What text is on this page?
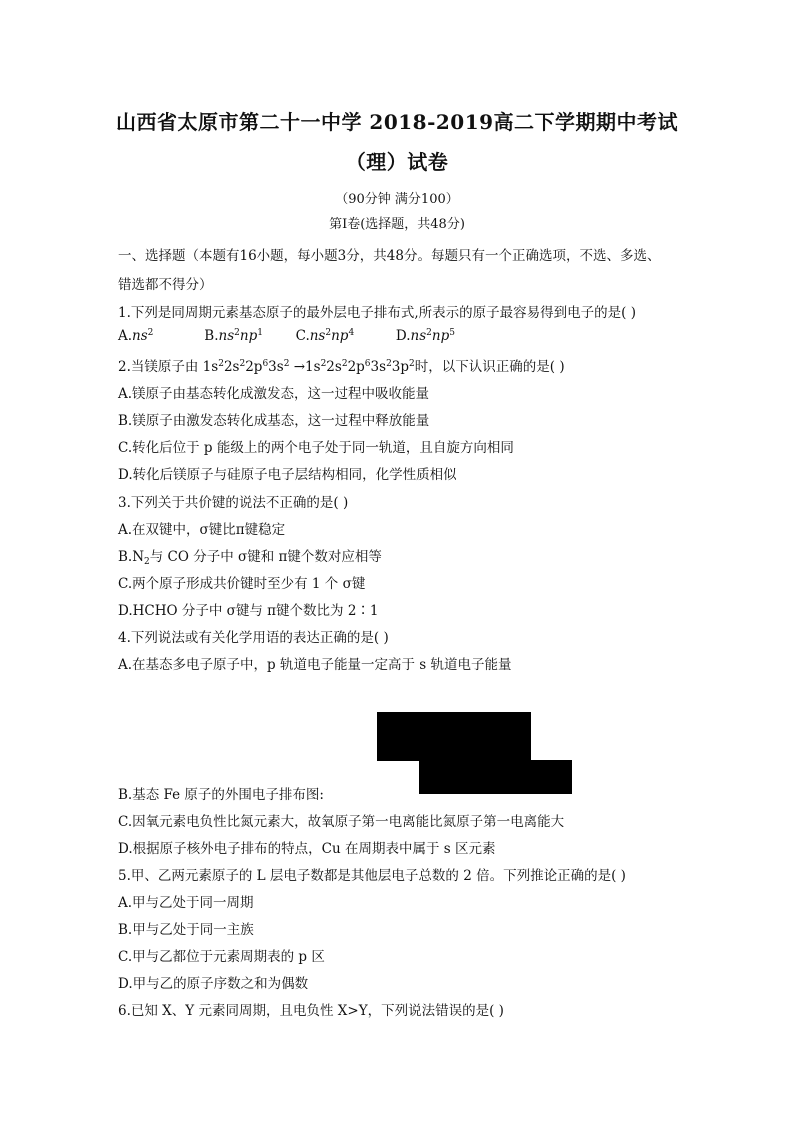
山西省太原市第二十一中学 2018-2019高二下学期期中考试
（理）试卷
（90分钟 满分100）
第Ⅰ卷(选择题，共48分)
一、选择题（本题有16小题，每小题3分，共48分。每题只有一个正确选项，不选、多选、
错选都不得分）
1.下列是同周期元素基态原子的最外层电子排布式,所表示的原子最容易得到电子的是( )
$A.ns^2$	$B.ns^2np^1$ $C.ns^2np^4$	$D.ns^2np^5$
2.当镁原子由 $1s^22s^22p^63s^2 \to 1s^22s^22p^63s^23p^2$时，以下认识正确的是( )
A.镁原子由基态转化成激发态，这一过程中吸收能量
B.镁原子由激发态转化成基态，这一过程中释放能量
C.转化后位于 p 能级上的两个电子处于同一轨道，且自旋方向相同
D.转化后镁原子与硅原子电子层结构相同，化学性质相似
3.下列关于共价键的说法不正确的是( )
A.在双键中，σ键比π键稳定
$B.N_2$与 CO 分子中 σ键和 π键个数对应相等
C.两个原子形成共价键时至少有 1 个 σ键
D.HCHO 分子中 σ键与 π键个数比为 2∶1
4.下列说法或有关化学用语的表达正确的是( )
A.在基态多电子原子中，p 轨道电子能量一定高于 s 轨道电子能量
B.基态 Fe 原子的外围电子排布图:
C.因氧元素电负性比氮元素大，故氧原子第一电离能比氮原子第一电离能大
D.根据原子核外电子排布的特点，Cu 在周期表中属于 s 区元素
5.甲、乙两元素原子的 L 层电子数都是其他层电子总数的 2 倍。下列推论正确的是( )
A.甲与乙处于同一周期
B.甲与乙处于同一主族
C.甲与乙都位于元素周期表的 p 区
D.甲与乙的原子序数之和为偶数
6.已知 X、Y 元素同周期，且电负性 X>Y，下列说法错误的是( )
